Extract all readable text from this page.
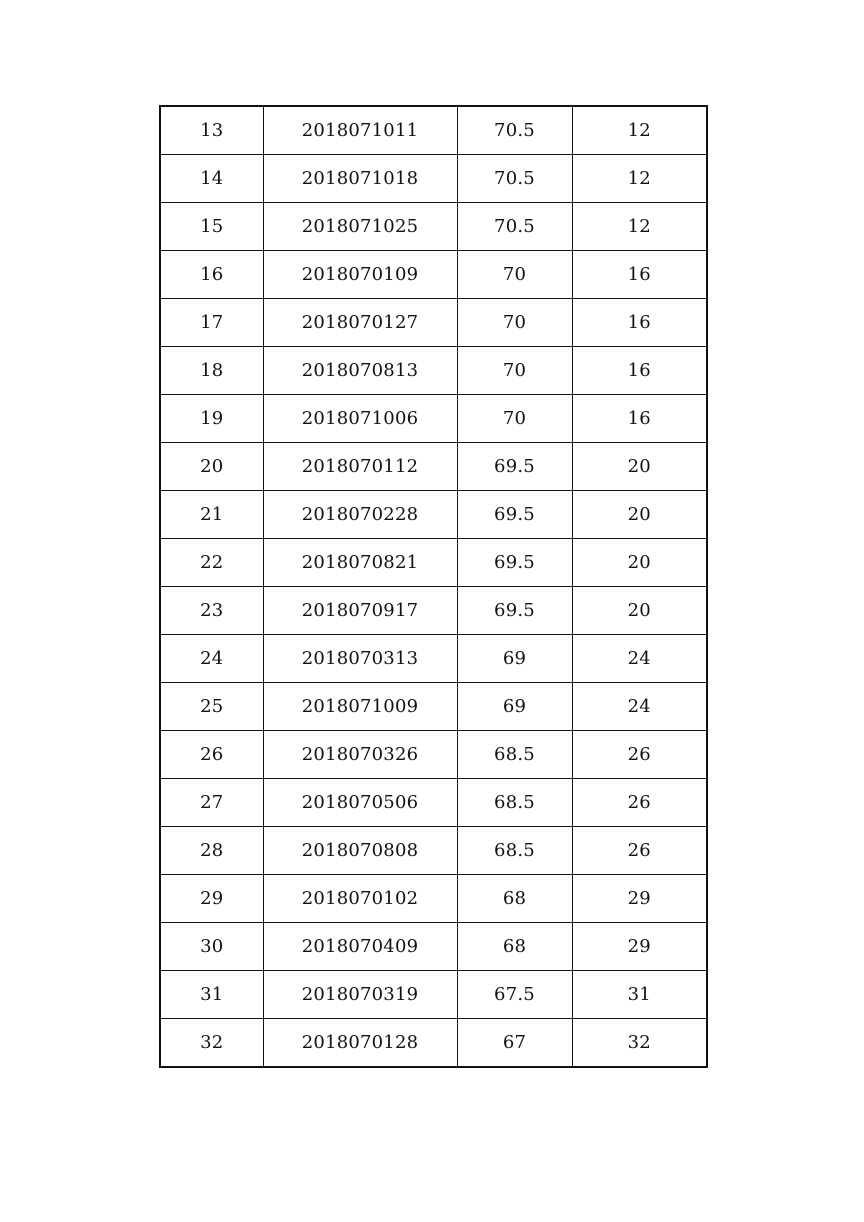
13	2018071011	70.5	12
14	2018071018	70.5	12
15	2018071025	70.5	12
16	2018070109	70	16
17	2018070127	70	16
18	2018070813	70	16
19	2018071006	70	16
20	2018070112	69.5	20
21	2018070228	69.5	20
22	2018070821	69.5	20
23	2018070917	69.5	20
24	2018070313	69	24
25	2018071009	69	24
26	2018070326	68.5	26
27	2018070506	68.5	26
28	2018070808	68.5	26
29	2018070102	68	29
30	2018070409	68	29
31	2018070319	67.5	31
32	2018070128	67	32
